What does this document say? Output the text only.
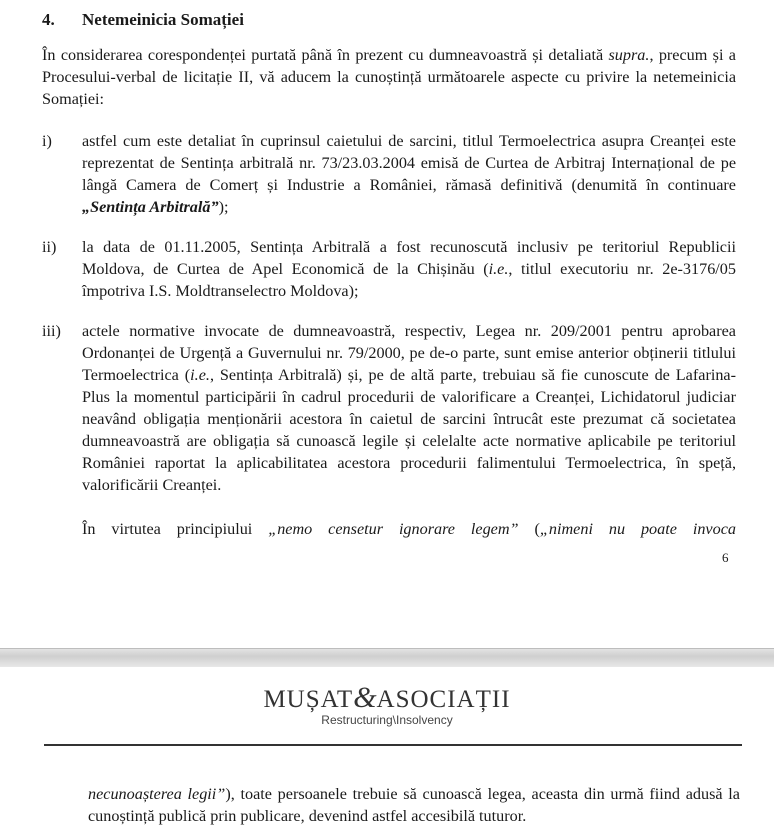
4. Netemeinicia Somației
În considerarea corespondenței purtată până în prezent cu dumneavoastră și detaliată supra., precum și a Procesului-verbal de licitație II, vă aducem la cunoștință următoarele aspecte cu privire la netemeinicia Somației:
i) astfel cum este detaliat în cuprinsul caietului de sarcini, titlul Termoelectrica asupra Creanței este reprezentat de Sentința arbitrală nr. 73/23.03.2004 emisă de Curtea de Arbitraj Internațional de pe lângă Camera de Comerț și Industrie a României, rămasă definitivă (denumită în continuare „Sentința Arbitrală”);
ii) la data de 01.11.2005, Sentința Arbitrală a fost recunoscută inclusiv pe teritoriul Republicii Moldova, de Curtea de Apel Economică de la Chișinău (i.e., titlul executoriu nr. 2e-3176/05 împotriva I.S. Moldtranselectro Moldova);
iii) actele normative invocate de dumneavoastră, respectiv, Legea nr. 209/2001 pentru aprobarea Ordonanței de Urgență a Guvernului nr. 79/2000, pe de-o parte, sunt emise anterior obținerii titlului Termoelectrica (i.e., Sentința Arbitrală) și, pe de altă parte, trebuiau să fie cunoscute de Lafarina-Plus la momentul participării în cadrul procedurii de valorificare a Creanței, Lichidatorul judiciar neavând obligația menționării acestora în caietul de sarcini întrucât este prezumat că societatea dumneavoastră are obligația să cunoască legile și celelalte acte normative aplicabile pe teritoriul României raportat la aplicabilitatea acestora procedurii falimentului Termoelectrica, în speță, valorificării Creanței.
În virtutea principiului „nemo censetur ignorare legem” („nimeni nu poate invoca
6
MUȘAT&ASOCIAȚII
Restructuring\Insolvency
necunoașterea legii”), toate persoanele trebuie să cunoască legea, aceasta din urmă fiind adusă la cunoștință publică prin publicare, devenind astfel accesibilă tuturor.
